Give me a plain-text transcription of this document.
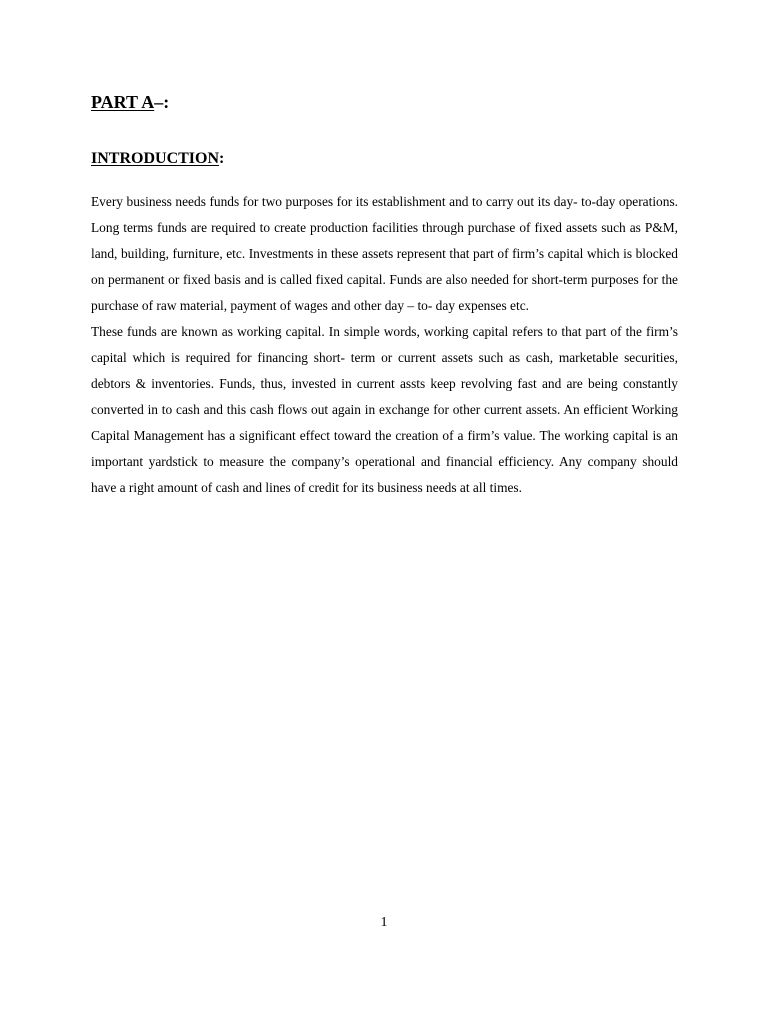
PART A–:
INTRODUCTION:

Every business needs funds for two purposes for its establishment and to carry out its day- to-day operations. Long terms funds are required to create production facilities through purchase of fixed assets such as P&M, land, building, furniture, etc. Investments in these assets represent that part of firm’s capital which is blocked on permanent or fixed basis and is called fixed capital. Funds are also needed for short-term purposes for the purchase of raw material, payment of wages and other day – to- day expenses etc.

These funds are known as working capital. In simple words, working capital refers to that part of the firm’s capital which is required for financing short- term or current assets such as cash, marketable securities, debtors & inventories. Funds, thus, invested in current assts keep revolving fast and are being constantly converted in to cash and this cash flows out again in exchange for other current assets. An efficient Working Capital Management has a significant effect toward the creation of a firm’s value. The working capital is an important yardstick to measure the company’s operational and financial efficiency. Any company should have a right amount of cash and lines of credit for its business needs at all times.

1
